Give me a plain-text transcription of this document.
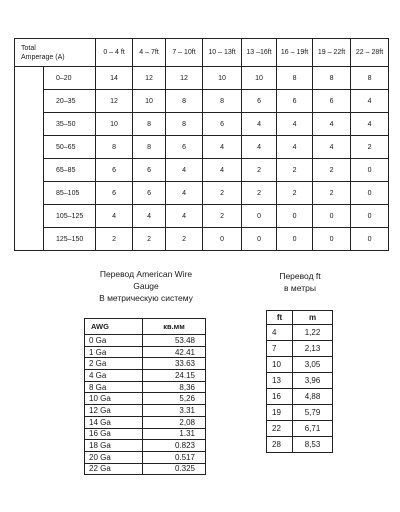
Total
Amperage (A)		0 – 4 ft	4 – 7ft	7 – 10ft	10 – 13ft	13 –16ft	16 – 19ft	19 – 22ft	22 – 28ft
	0–20	14	12	12	10	10	8	8	8
	20–35	12	10	8	8	6	6	6	4
	35–50	10	8	8	6	4	4	4	4
	50–65	8	8	6	4	4	4	4	2
	65–85	6	6	4	4	2	2	2	0
	85–105	6	6	4	2	2	2	2	0
	105–125	4	4	4	2	0	0	0	0
	125–150	2	2	2	0	0	0	0	0
Перевод American Wire
Gauge
В метрическую систему
AWG	кв.мм
0 Ga	53.48
1 Ga	42.41
2 Ga	33.63
4 Ga	24.15
8 Ga	8,36
10 Ga	5,26
12 Ga	3.31
14 Ga	2,08
16 Ga	1.31
18 Ga	0.823
20 Ga	0.517
22 Ga	0.325
Перевод ft
в метры
ft	m
4	1,22
7	2,13
10	3,05
13	3,96
16	4,88
19	5,79
22	6,71
28	8,53
